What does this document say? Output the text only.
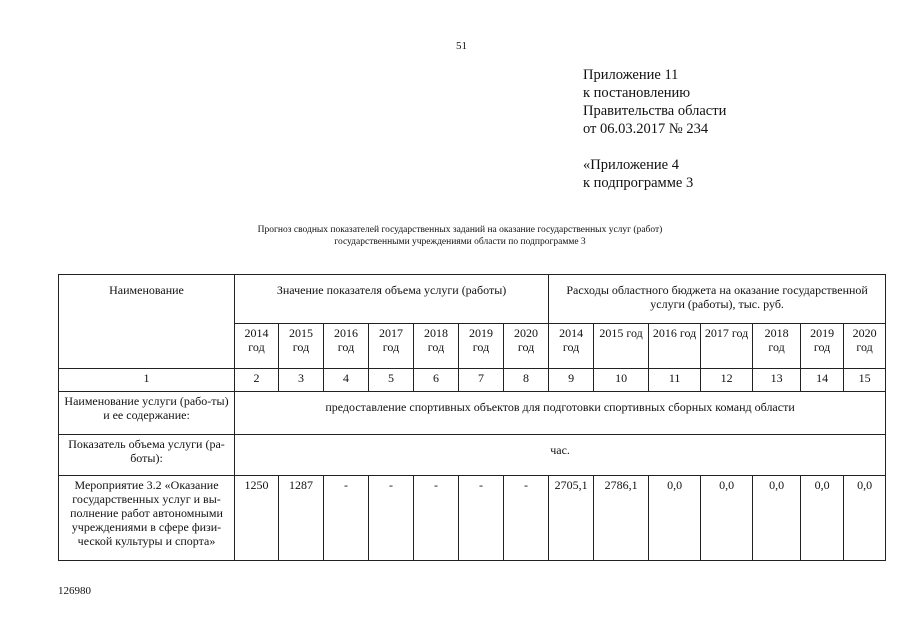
51
Приложение 11
к постановлению
Правительства области
от 06.03.2017 № 234
«Приложение 4
к подпрограмме 3
Прогноз сводных показателей государственных заданий на оказание государственных услуг (работ)
государственными учреждениями области по подпрограмме 3
Наименование	Значение показателя объема услуги (работы)							Расходы областного бюджета на оказание государственной услуги (работы), тыс. руб.						

	2014 год	2015 год	2016 год	2017 год	2018 год	2019 год	2020 год	2014 год	2015 год	2016 год	2017 год	2018 год	2019 год	2020 год
1	2	3	4	5	6	7	8	9	10	11	12	13	14	15
Наименование услуги (рабо-ты) и ее содержание:	предоставление спортивных объектов для подготовки спортивных сборных команд области													

Показатель объема услуги (ра-боты):	час.													

Мероприятие 3.2 «Оказание государственных услуг и вы-полнение работ автономными учреждениями в сфере физи-ческой культуры и спорта»	1250	1287	-	-	-	-	-	2705,1	2786,1	0,0	0,0	0,0	0,0	0,0
126980
